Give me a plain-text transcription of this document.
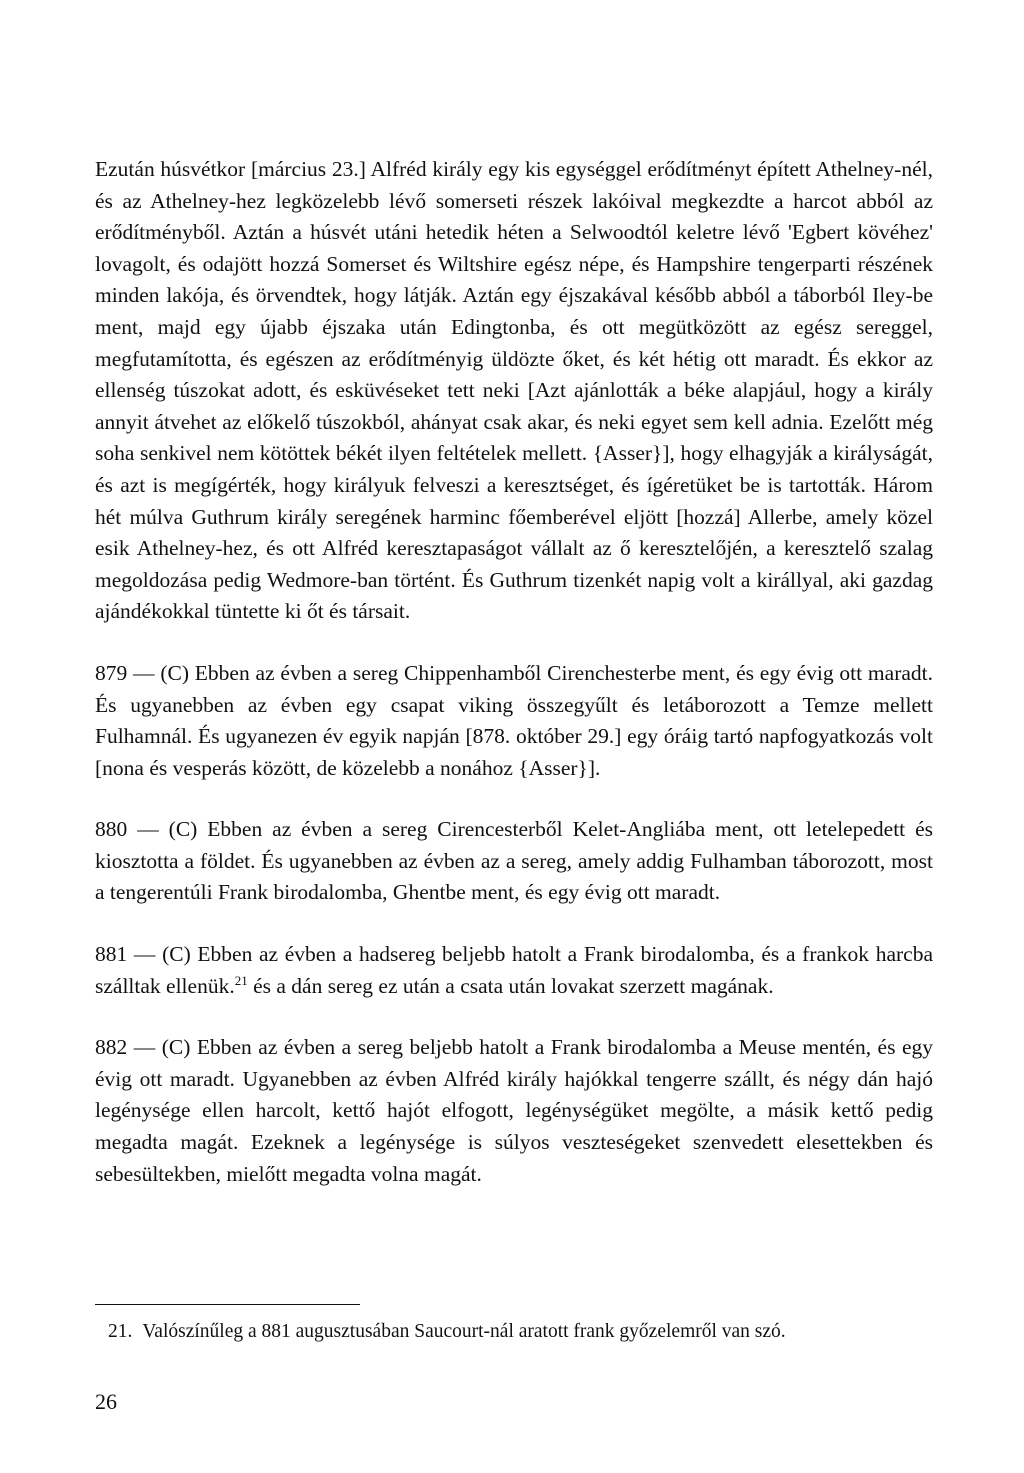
Ezután húsvétkor [március 23.] Alfréd király egy kis egységgel erődítményt épített Athelney-nél, és az Athelney-hez legközelebb lévő somerseti részek lakóival megkezdte a harcot abból az erődítményből. Aztán a húsvét utáni hetedik héten a Selwoodtól keletre lévő 'Egbert kövéhez' lovagolt, és odajött hozzá Somerset és Wiltshire egész népe, és Hampshire tengerparti részének minden lakója, és örvendtek, hogy látják. Aztán egy éjszakával később abból a táborból Iley-be ment, majd egy újabb éjszaka után Edingtonba, és ott megütközött az egész sereggel, megfutamította, és egészen az erődítményig üldözte őket, és két hétig ott maradt. És ekkor az ellenség túszokat adott, és esküvéseket tett neki [Azt ajánlották a béke alapjául, hogy a király annyit átvehet az előkelő túszokból, ahányat csak akar, és neki egyet sem kell adnia. Ezelőtt még soha senkivel nem kötöttek békét ilyen feltételek mellett. {Asser}], hogy elhagyják a királyságát, és azt is megígérték, hogy királyuk felveszi a keresztséget, és ígéretüket be is tartották. Három hét múlva Guthrum király seregének harminc főemberével eljött [hozzá] Allerbe, amely közel esik Athelney-hez, és ott Alfréd keresztapaságot vállalt az ő keresztelőjén, a keresztelő szalag megoldozása pedig Wedmore-ban történt. És Guthrum tizenkét napig volt a királlyal, aki gazdag ajándékokkal tüntette ki őt és társait.

879 — (C) Ebben az évben a sereg Chippenhamből Cirenchesterbe ment, és egy évig ott maradt. És ugyanebben az évben egy csapat viking összegyűlt és letáborozott a Temze mellett Fulhamnál. És ugyanezen év egyik napján [878. október 29.] egy óráig tartó napfogyatkozás volt [nona és vesperás között, de közelebb a nonához {Asser}].

880 — (C) Ebben az évben a sereg Cirencesterből Kelet-Angliába ment, ott letelepedett és kiosztotta a földet. És ugyanebben az évben az a sereg, amely addig Fulhamban táborozott, most a tengerentúli Frank birodalomba, Ghentbe ment, és egy évig ott maradt.

881 — (C) Ebben az évben a hadsereg beljebb hatolt a Frank birodalomba, és a frankok harcba szálltak ellenük.$^{21}$ és a dán sereg ez után a csata után lovakat szerzett magának.

882 — (C) Ebben az évben a sereg beljebb hatolt a Frank birodalomba a Meuse mentén, és egy évig ott maradt. Ugyanebben az évben Alfréd király hajókkal tengerre szállt, és négy dán hajó legénysége ellen harcolt, kettő hajót elfogott, legénységüket megölte, a másik kettő pedig megadta magát. Ezeknek a legénysége is súlyos veszteségeket szenvedett elesettekben és sebesültekben, mielőtt megadta volna magát.

21. Valószínűleg a 881 augusztusában Saucourt-nál aratott frank győzelemről van szó.
26
